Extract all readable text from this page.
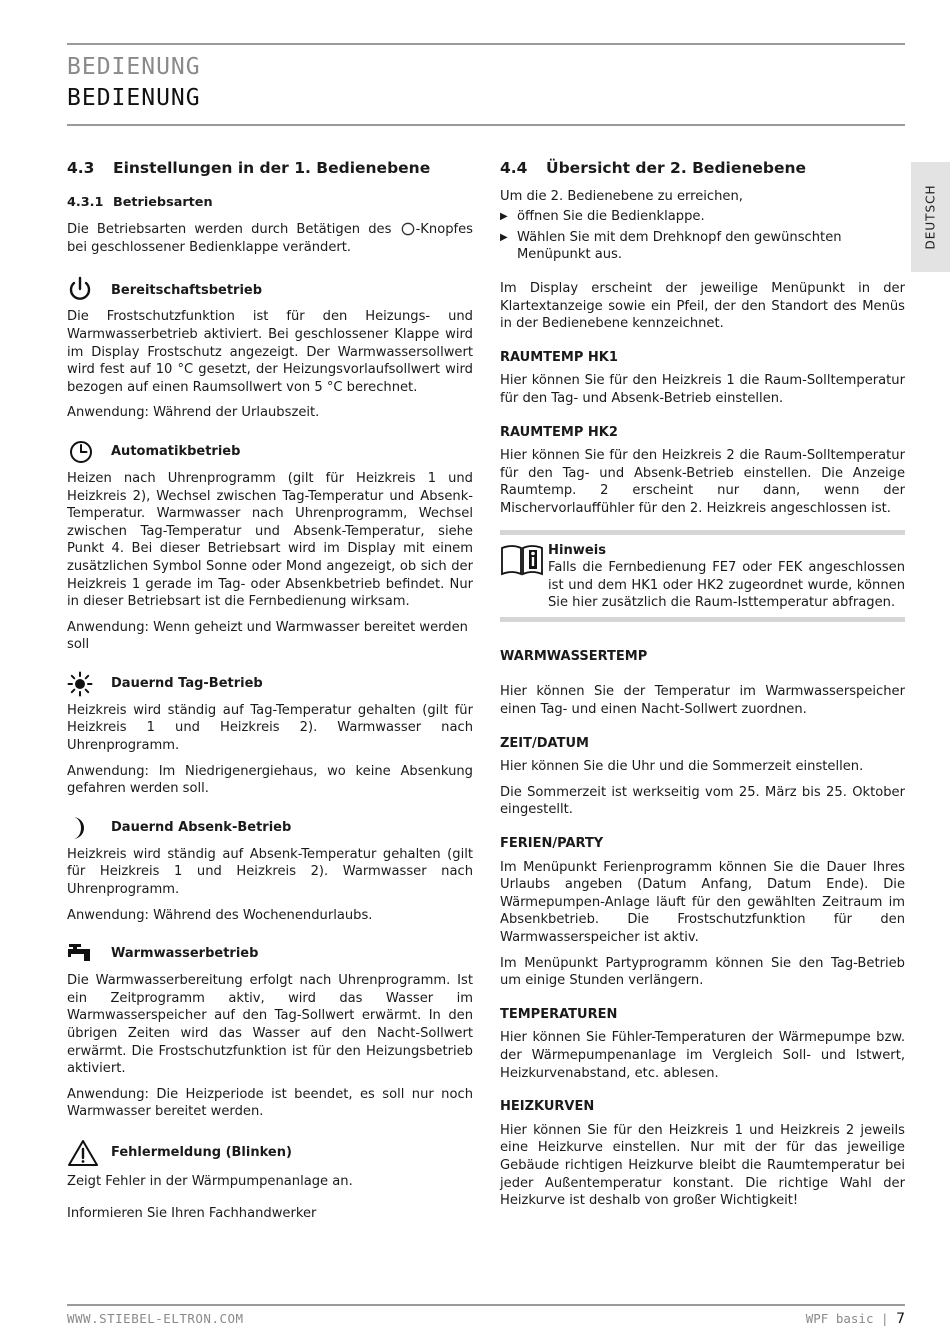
BEDIENUNG
BEDIENUNG
DEUTSCH
4.3	Einstellungen in der 1. Bedienebene
4.3.1 Betriebsarten

Die Betriebsarten werden durch Betätigen des -Knopfes bei geschlossener Bedienklappe verändert.

Bereitschaftsbetrieb

Die Frostschutzfunktion ist für den Heizungs- und Warmwasserbetrieb aktiviert. Bei geschlossener Klappe wird im Display Frostschutz angezeigt. Der Warmwassersollwert wird fest auf 10 °C gesetzt, der Heizungsvorlaufsollwert wird bezogen auf einen Raumsollwert von 5 °C berechnet.

Anwendung: Während der Urlaubszeit.

Automatikbetrieb

Heizen nach Uhrenprogramm (gilt für Heizkreis 1 und Heizkreis 2), Wechsel zwischen Tag-Temperatur und Absenk-Temperatur. Warmwasser nach Uhrenprogramm, Wechsel zwischen Tag-Temperatur und Absenk-Temperatur, siehe Punkt 4. Bei dieser Betriebsart wird im Display mit einem zusätzlichen Symbol Sonne oder Mond angezeigt, ob sich der Heizkreis 1 gerade im Tag- oder Absenkbetrieb befindet. Nur in dieser Betriebsart ist die Fernbedienung wirksam.

Anwendung: Wenn geheizt und Warmwasser bereitet werden soll

Dauernd Tag-Betrieb

Heizkreis wird ständig auf Tag-Temperatur gehalten (gilt für Heizkreis 1 und Heizkreis 2). Warmwasser nach Uhrenprogramm.

Anwendung: Im Niedrigenergiehaus, wo keine Absenkung gefahren werden soll.

Dauernd Absenk-Betrieb

Heizkreis wird ständig auf Absenk-Temperatur gehalten (gilt für Heizkreis 1 und Heizkreis 2). Warmwasser nach Uhrenprogramm.

Anwendung: Während des Wochenendurlaubs.

Warmwasserbetrieb

Die Warmwasserbereitung erfolgt nach Uhrenprogramm. Ist ein Zeitprogramm aktiv, wird das Wasser im Warmwasserspeicher auf den Tag-Sollwert erwärmt. In den übrigen Zeiten wird das Wasser auf den Nacht-Sollwert erwärmt. Die Frostschutzfunktion ist für den Heizungsbetrieb aktiviert.

Anwendung: Die Heizperiode ist beendet, es soll nur noch Warmwasser bereitet werden.

Fehlermeldung (Blinken)

Zeigt Fehler in der Wärmpumpenanlage an.

Informieren Sie Ihren Fachhandwerker

4.4	Übersicht der 2. Bedienebene

Um die 2. Bedienebene zu erreichen,

▶ öffnen Sie die Bedienklappe.
▶ Wählen Sie mit dem Drehknopf den gewünschten Menüpunkt aus.

Im Display erscheint der jeweilige Menüpunkt in der Klartextanzeige sowie ein Pfeil, der den Standort des Menüs in der Bedienebene kennzeichnet.

RAUMTEMP HK1

Hier können Sie für den Heizkreis 1 die Raum-Solltemperatur für den Tag- und Absenk-Betrieb einstellen.

RAUMTEMP HK2

Hier können Sie für den Heizkreis 2 die Raum-Solltemperatur für den Tag- und Absenk-Betrieb einstellen. Die Anzeige Raumtemp. 2 erscheint nur dann, wenn der Mischervorlauffühler für den 2. Heizkreis angeschlossen ist.

Hinweis
Falls die Fernbedienung FE7 oder FEK angeschlossen ist und dem HK1 oder HK2 zugeordnet wurde, können Sie hier zusätzlich die Raum-Isttemperatur abfragen.
WARMWASSERTEMP

Hier können Sie der Temperatur im Warmwasserspeicher einen Tag- und einen Nacht-Sollwert zuordnen.

ZEIT/DATUM

Hier können Sie die Uhr und die Sommerzeit einstellen.

Die Sommerzeit ist werkseitig vom 25. März bis 25. Oktober eingestellt.

FERIEN/PARTY

Im Menüpunkt Ferienprogramm können Sie die Dauer Ihres Urlaubs angeben (Datum Anfang, Datum Ende). Die Wärmepumpen-Anlage läuft für den gewählten Zeitraum im Absenkbetrieb. Die Frostschutzfunktion für den Warmwasserspeicher ist aktiv.

Im Menüpunkt Partyprogramm können Sie den Tag-Betrieb um einige Stunden verlängern.

TEMPERATUREN

Hier können Sie Fühler-Temperaturen der Wärmepumpe bzw. der Wärmepumpenanlage im Vergleich Soll- und Istwert, Heizkurvenabstand, etc. ablesen.

HEIZKURVEN

Hier können Sie für den Heizkreis 1 und Heizkreis 2 jeweils eine Heizkurve einstellen. Nur mit der für das jeweilige Gebäude richtigen Heizkurve bleibt die Raumtemperatur bei jeder Außentemperatur konstant. Die richtige Wahl der Heizkurve ist deshalb von großer Wichtigkeit!

WWW.STIEBEL-ELTRON.COM	WPF basic | 7
